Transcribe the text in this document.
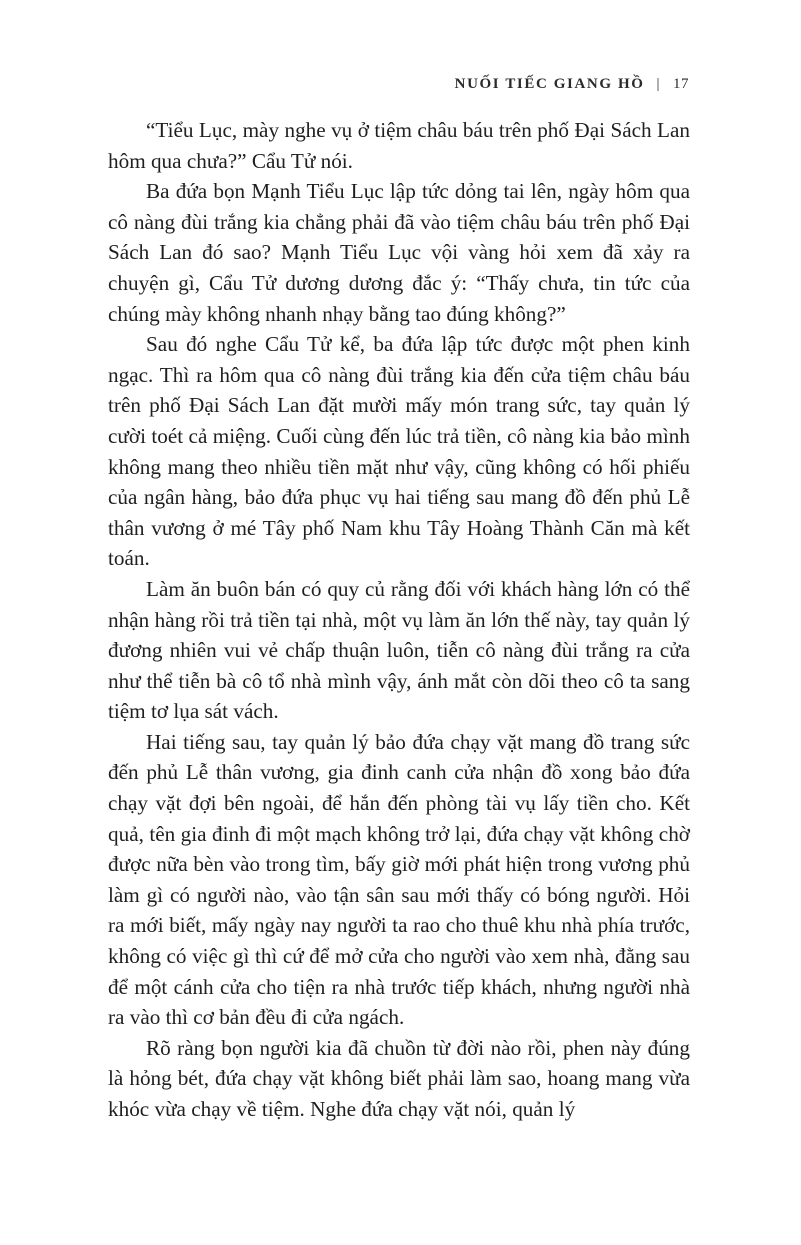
NUỐI TIẾC GIANG HỒ | 17

“Tiểu Lục, mày nghe vụ ở tiệm châu báu trên phố Đại Sách Lan hôm qua chưa?” Cẩu Tử nói.

Ba đứa bọn Mạnh Tiểu Lục lập tức dỏng tai lên, ngày hôm qua cô nàng đùi trắng kia chẳng phải đã vào tiệm châu báu trên phố Đại Sách Lan đó sao? Mạnh Tiểu Lục vội vàng hỏi xem đã xảy ra chuyện gì, Cẩu Tử dương dương đắc ý: “Thấy chưa, tin tức của chúng mày không nhanh nhạy bằng tao đúng không?”

Sau đó nghe Cẩu Tử kể, ba đứa lập tức được một phen kinh ngạc. Thì ra hôm qua cô nàng đùi trắng kia đến cửa tiệm châu báu trên phố Đại Sách Lan đặt mười mấy món trang sức, tay quản lý cười toét cả miệng. Cuối cùng đến lúc trả tiền, cô nàng kia bảo mình không mang theo nhiều tiền mặt như vậy, cũng không có hối phiếu của ngân hàng, bảo đứa phục vụ hai tiếng sau mang đồ đến phủ Lễ thân vương ở mé Tây phố Nam khu Tây Hoàng Thành Căn mà kết toán.

Làm ăn buôn bán có quy củ rằng đối với khách hàng lớn có thể nhận hàng rồi trả tiền tại nhà, một vụ làm ăn lớn thế này, tay quản lý đương nhiên vui vẻ chấp thuận luôn, tiễn cô nàng đùi trắng ra cửa như thể tiễn bà cô tổ nhà mình vậy, ánh mắt còn dõi theo cô ta sang tiệm tơ lụa sát vách.

Hai tiếng sau, tay quản lý bảo đứa chạy vặt mang đồ trang sức đến phủ Lễ thân vương, gia đinh canh cửa nhận đồ xong bảo đứa chạy vặt đợi bên ngoài, để hắn đến phòng tài vụ lấy tiền cho. Kết quả, tên gia đinh đi một mạch không trở lại, đứa chạy vặt không chờ được nữa bèn vào trong tìm, bấy giờ mới phát hiện trong vương phủ làm gì có người nào, vào tận sân sau mới thấy có bóng người. Hỏi ra mới biết, mấy ngày nay người ta rao cho thuê khu nhà phía trước, không có việc gì thì cứ để mở cửa cho người vào xem nhà, đằng sau để một cánh cửa cho tiện ra nhà trước tiếp khách, nhưng người nhà ra vào thì cơ bản đều đi cửa ngách.

Rõ ràng bọn người kia đã chuồn từ đời nào rồi, phen này đúng là hỏng bét, đứa chạy vặt không biết phải làm sao, hoang mang vừa khóc vừa chạy về tiệm. Nghe đứa chạy vặt nói, quản lý
